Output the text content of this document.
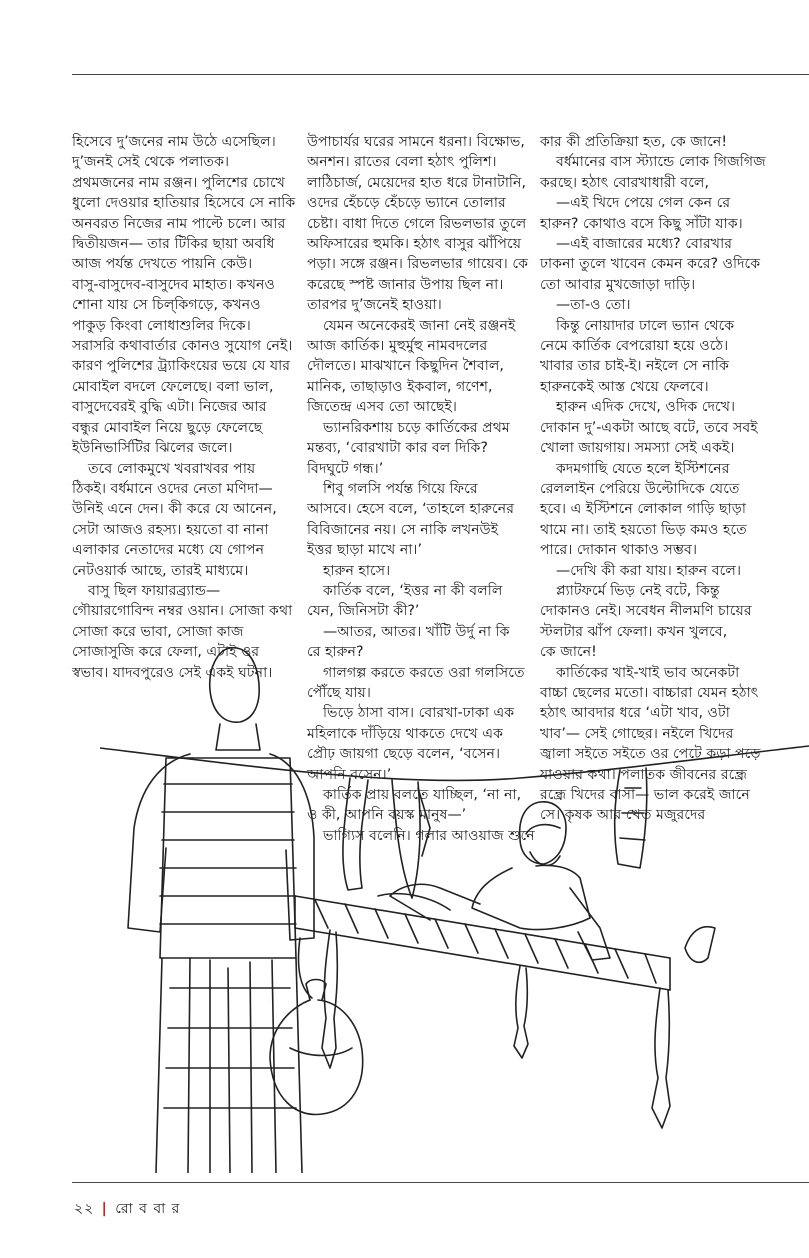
হিসেবে দু’জনের নাম উঠে এসেছিল।

দু’জনই সেই থেকে পলাতক।

প্রথমজনের নাম রঞ্জন। পুলিশের চোখে

ধুলো দেওয়ার হাতিয়ার হিসেবে সে নাকি

অনবরত নিজের নাম পাল্টে চলে। আর

দ্বিতীয়জন— তার টিকির ছায়া অবধি

আজ পর্যন্ত দেখতে পায়নি কেউ।

বাসু-বাসুদেব-বাসুদেব মাহাত। কখনও

শোনা যায় সে চিল্‌কিগড়ে, কখনও

পাকুড় কিংবা লোধাশুলির দিকে।

সরাসরি কথাবার্তার কোনও সুযোগ নেই।

কারণ পুলিশের ট্র্যাকিংয়ের ভয়ে যে যার

মোবাইল বদলে ফেলেছে। বলা ভাল,

বাসুদেবেরই বুদ্ধি এটা। নিজের আর

বন্ধুর মোবাইল নিয়ে ছুড়ে ফেলেছে

ইউনিভার্সিটির ঝিলের জলে।

তবে লোকমুখে খবরাখবর পায়

ঠিকই। বর্ধমানে ওদের নেতা মণিদা—

উনিই এনে দেন। কী করে যে আনেন,

সেটা আজও রহস্য। হয়তো বা নানা

এলাকার নেতাদের মধ্যে যে গোপন

নেটওয়ার্ক আছে, তারই মাধ্যমে।

বাসু ছিল ফায়ারব্র্যান্ড—

গৌয়ারগোবিন্দ নম্বর ওয়ান। সোজা কথা

সোজা করে ভাবা, সোজা কাজ

সোজাসুজি করে ফেলা, এটাই ওর

স্বভাব। যাদবপুরেও সেই একই ঘটনা।

উপাচার্যর ঘরের সামনে ধরনা। বিক্ষোভ,

অনশন। রাতের বেলা হঠাৎ পুলিশ।

লাঠিচার্জ, মেয়েদের হাত ধরে টানাটানি,

ওদের হেঁচড়ে হেঁচড়ে ভ্যানে তোলার

চেষ্টা। বাধা দিতে গেলে রিভলভার তুলে

অফিসারের হুমকি। হঠাৎ বাসুর ঝাঁপিয়ে

পড়া। সঙ্গে রঞ্জন। রিভলভার গায়েব। কে

করেছে স্পষ্ট জানার উপায় ছিল না।

তারপর দু’জনেই হাওয়া।

যেমন অনেকেরই জানা নেই রঞ্জনই

আজ কার্তিক। মুহুর্মুহু নামবদলের

দৌলতে। মাঝখানে কিছুদিন শৈবাল,

মানিক, তাছাড়াও ইকবাল, গণেশ,

জিতেন্দ্র এসব তো আছেই।

ভ্যানরিকশায় চড়ে কার্তিকের প্রথম

মন্তব্য, ‘বোরখাটা কার বল দিকি?

বিদঘুটে গন্ধ।’

শিবু গলসি পর্যন্ত গিয়ে ফিরে

আসবে। হেসে বলে, ‘তাহলে হারুনের

বিবিজানের নয়। সে নাকি লখনউই

ইত্তর ছাড়া মাখে না।’

হারুন হাসে।

কার্তিক বলে, ‘ইত্তর না কী বললি

যেন, জিনিসটা কী?’

—আতর, আতর। খাঁটি উর্দু না কি

রে হারুন?

গালগল্প করতে করতে ওরা গলসিতে

পৌঁছে যায়।

ভিড়ে ঠাসা বাস। বোরখা-ঢাকা এক

মহিলাকে দাঁড়িয়ে থাকতে দেখে এক

প্রৌঢ় জায়গা ছেড়ে বলেন, ‘বসেন।

আপনি বসেন।’

কার্তিক প্রায় বলতে যাচ্ছিল, ‘না না,

ও কী, আপনি বয়স্ক মানুষ—’

ভাগ্যিস বলেনি। গলার আওয়াজ শুনে

কার কী প্রতিক্রিয়া হত, কে জানে!

বর্ধমানের বাস স্ট্যান্ডে লোক গিজগিজ

করছে। হঠাৎ বোরখাধারী বলে,

—এই খিদে পেয়ে গেল কেন রে

হারুন? কোথাও বসে কিছু সাঁটা যাক।

—এই বাজারের মধ্যে? বোরখার

ঢাকনা তুলে খাবেন কেমন করে? ওদিকে

তো আবার মুখজোড়া দাড়ি।

—তা-ও তো।

কিন্তু নোয়াদার ঢালে ভ্যান থেকে

নেমে কার্তিক বেপরোয়া হয়ে ওঠে।

খাবার তার চাই-ই। নইলে সে নাকি

হারুনকেই আস্ত খেয়ে ফেলবে।

হারুন এদিক দেখে, ওদিক দেখে।

দোকান দু’-একটা আছে বটে, তবে সবই

খোলা জায়গায়। সমস্যা সেই একই।

কদমগাছি যেতে হলে ইস্টিশনের

রেললাইন পেরিয়ে উল্টোদিকে যেতে

হবে। এ ইস্টিশনে লোকাল গাড়ি ছাড়া

থামে না। তাই হয়তো ভিড় কমও হতে

পারে। দোকান থাকাও সম্ভব।

—দেখি কী করা যায়। হারুন বলে।

প্ল্যাটফর্মে ভিড় নেই বটে, কিন্তু

দোকানও নেই। সবেধন নীলমণি চায়ের

স্টলটার ঝাঁপ ফেলা। কখন খুলবে,

কে জানে!

কার্তিকের খাই-খাই ভাব অনেকটা

বাচ্চা ছেলের মতো। বাচ্চারা যেমন হঠাৎ

হঠাৎ আবদার ধরে ‘এটা খাব, ওটা

খাব’— সেই গোছের। নইলে খিদের

জ্বালা সইতে সইতে ওর পেটে কড়া পড়ে

যাওয়ার কথা। পলাতক জীবনের রন্ধ্রে

রন্ধ্রে খিদের বাসা— ভাল করেই জানে

সে। কৃষক আর খেত মজুরদের

২২ | রো ব বা র
